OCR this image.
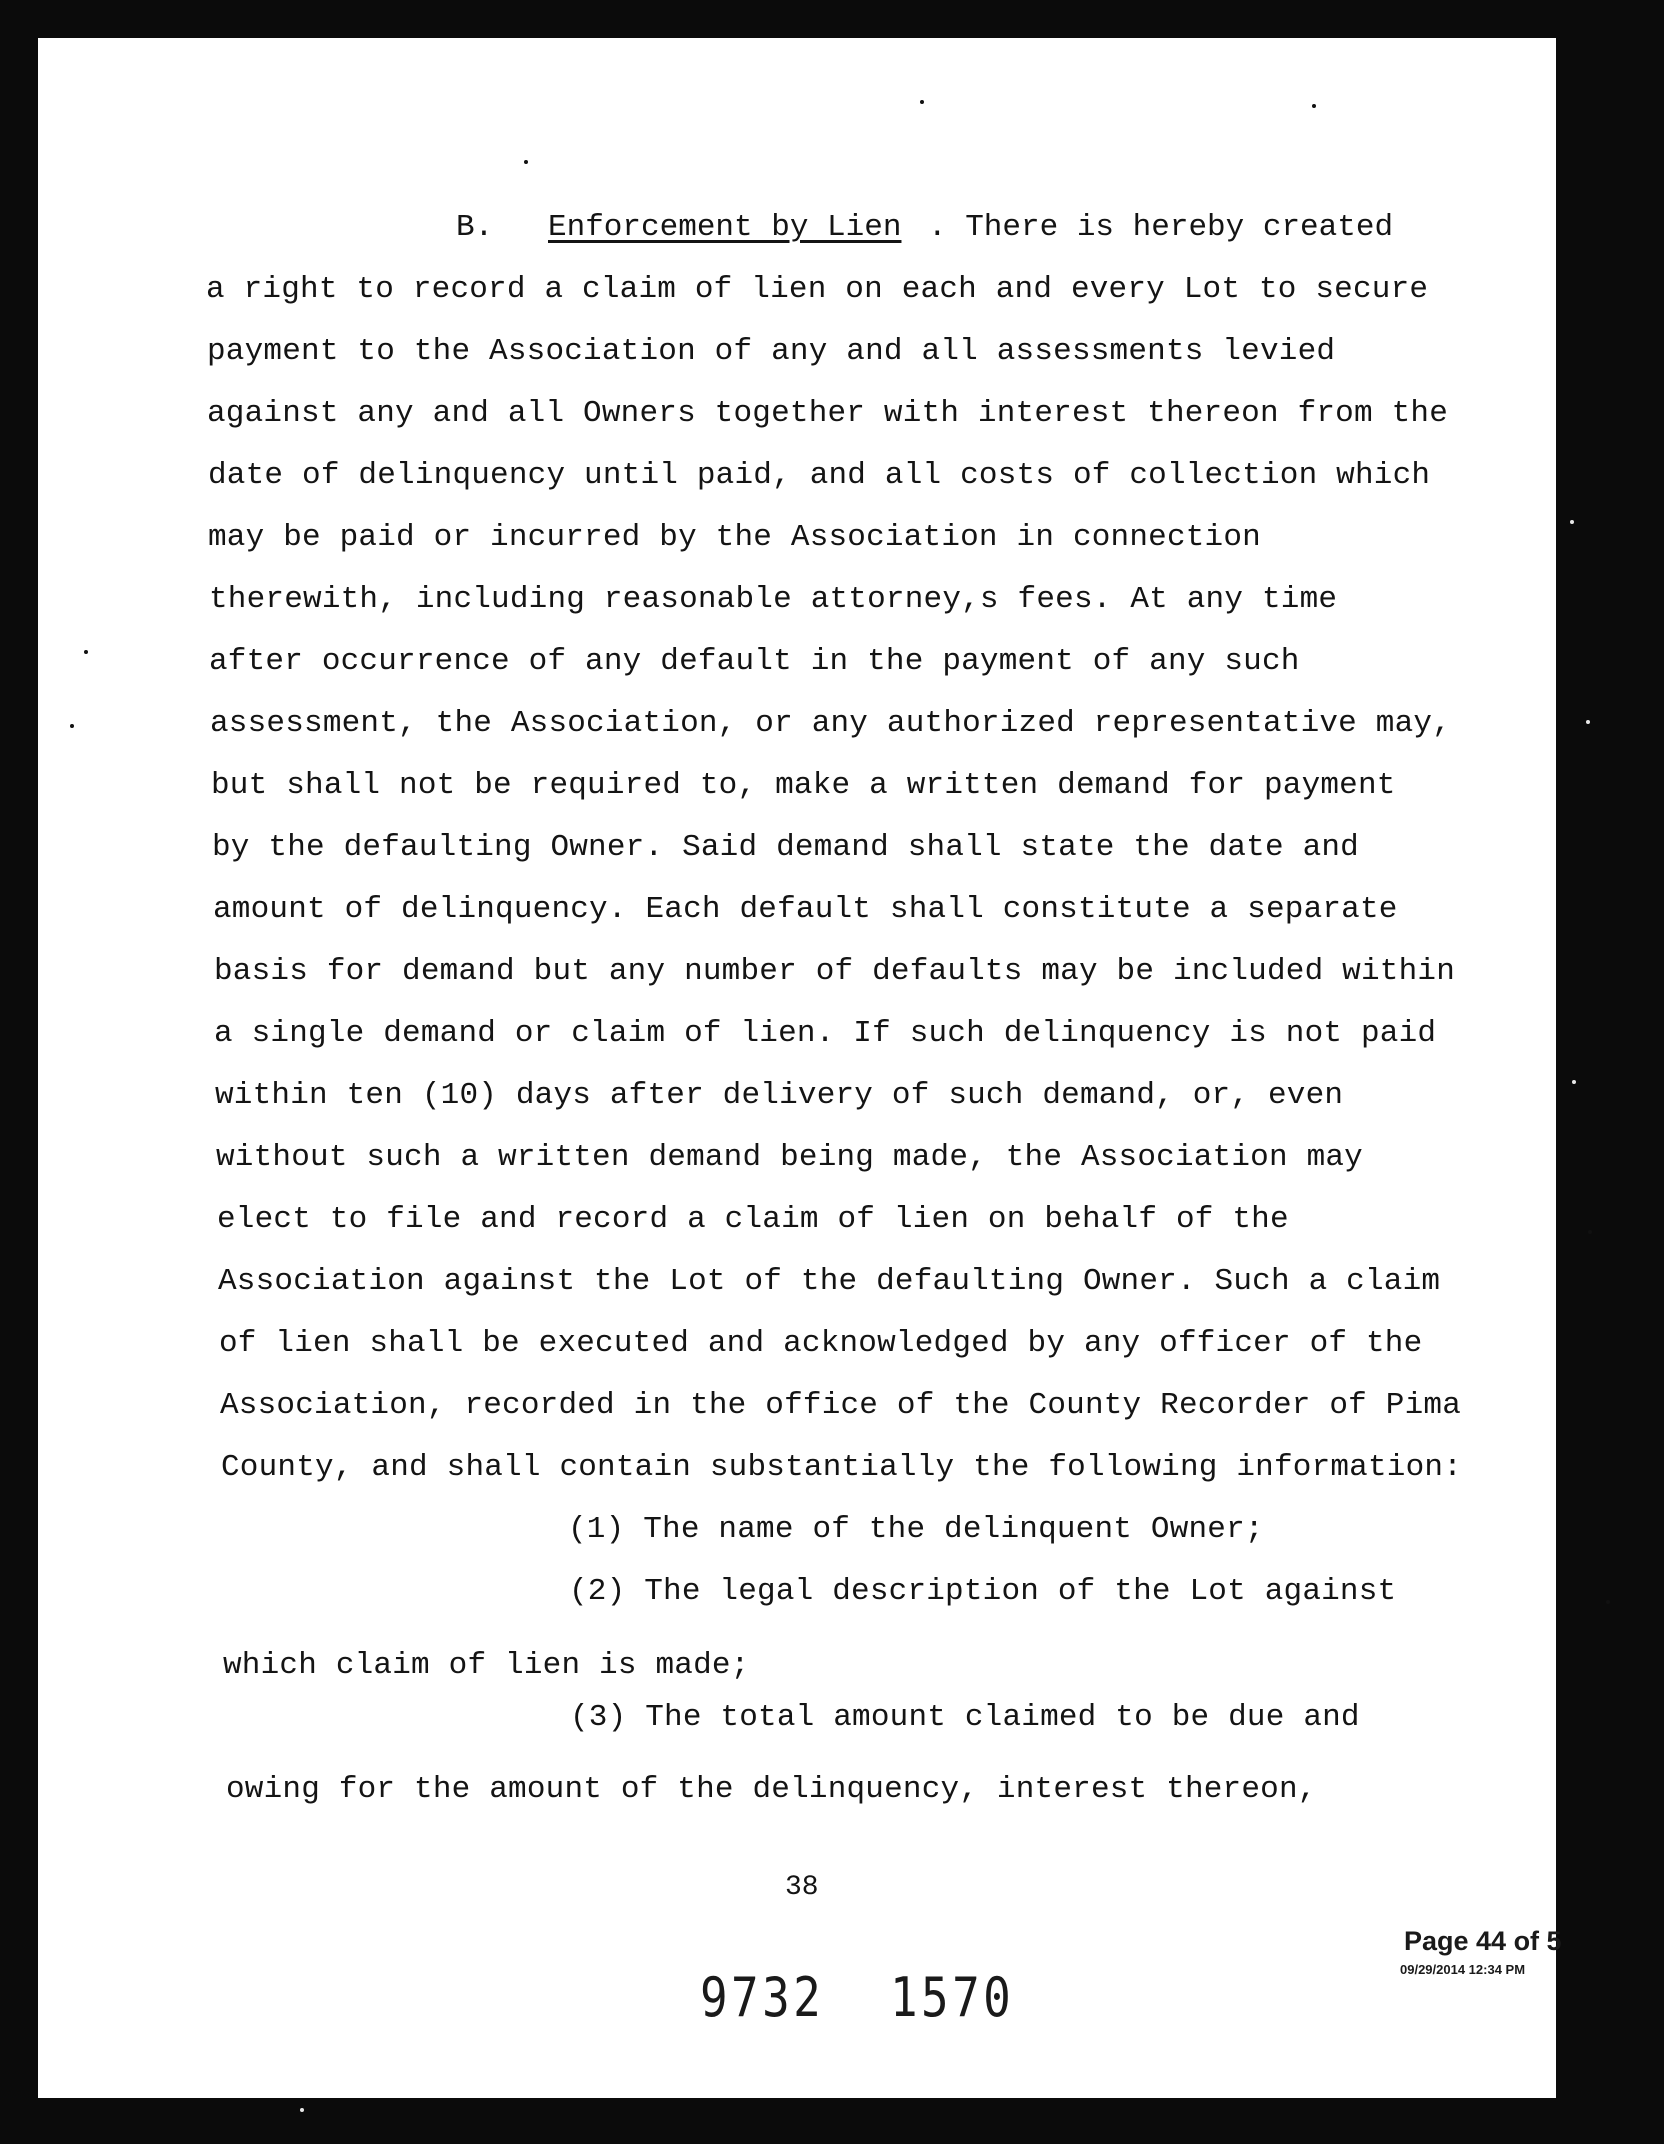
B. Enforcement by Lien . There is hereby created
a right to record a claim of lien on each and every Lot to secure
payment to the Association of any and all assessments levied
against any and all Owners together with interest thereon from the
date of delinquency until paid, and all costs of collection which
may be paid or incurred by the Association in connection
therewith, including reasonable attorney,s fees. At any time
after occurrence of any default in the payment of any such
assessment, the Association, or any authorized representative may,
but shall not be required to, make a written demand for payment
by the defaulting Owner. Said demand shall state the date and
amount of delinquency. Each default shall constitute a separate
basis for demand but any number of defaults may be included within
a single demand or claim of lien. If such delinquency is not paid
within ten (10) days after delivery of such demand, or, even
without such a written demand being made, the Association may
elect to file and record a claim of lien on behalf of the
Association against the Lot of the defaulting Owner. Such a claim
of lien shall be executed and acknowledged by any officer of the
Association, recorded in the office of the County Recorder of Pima
County, and shall contain substantially the following information:
(1) The name of the delinquent Owner;
(2) The legal description of the Lot against
which claim of lien is made;
(3) The total amount claimed to be due and
owing for the amount of the delinquency, interest thereon,
38
Page 44 of 5
09/29/2014 12:34 PM
9732 1570
